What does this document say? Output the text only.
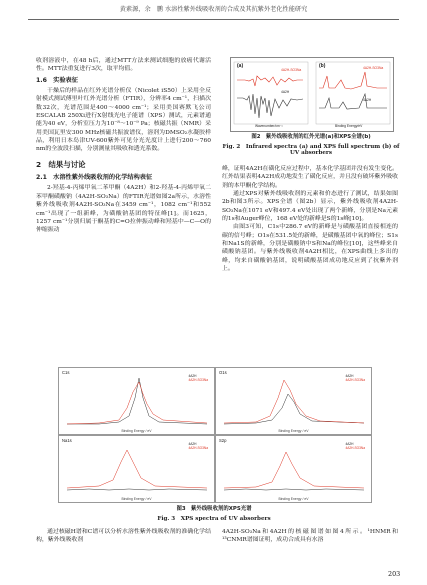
黄素源，余　鹏 水溶性紫外线吸收剂的合成及其抗紫外老化性能研究

收剂溶液中，在48 h后，通过MTT方法来测试细胞的放癌代谢活性。MTT法重复进行3次，取平均值。

1.6　实验表征

干燥后的样品在红外光谱分析仪（Nicolet iS50）上采用全反射模式测试傅里叶红外光谱分析（FTIR），分辨率4 cm⁻¹，扫描次数32次，光谱范围是400～4000 cm⁻¹；采用美国赛默飞公司ESCALAB 250Xi进行X射线光电子能谱（XPS）测试，元素谱通能为40 eV，分析室压力为10⁻⁸～10⁻⁹ Pa；核磁共振（NMR）采用美国瓦里安300 MHz核磁共振波谱仪，溶剂为DMSO₂水凝胶样品，利用日本岛津UV-600紫外可见分光光度计上进行200～760 nm的全波段扫描，分别测量其吸收和透光系数。

2　结果与讨论

2.1　水溶性紫外线吸收剂的化学结构表征

2-羟基-4-丙烯甲氧二苯甲酮（4A2H）和2-羟基-4-丙烯甲氧二苯甲酮磺酸钠（4A2H-SO₃Na）的FTIR光谱如图2a所示，水溶性紫外线吸收剂4A2H-SO₃Na在3459 cm⁻¹，1082 cm⁻¹和552 cm⁻¹出现了一组新峰，为磺酸钠基团的特征峰[1]。而1625，1257 cm⁻¹分别归属于酮基的C=O拉伸振动峰和羟基中—C—O的伸缩振动

(a)	(b)
4A2H-SO3Na
4A2H
4A2H-SO3Na
4A2H
Wavenumber/cm⁻¹	Binding Energy/eV
图2　紫外线吸收剂的红外光谱(a)和XPS全谱(b)
Fig. 2　Infrared spectra (a) and XPS full spectrum (b) of
UV absorbers

峰，证明4A2H在磺化反应过程中，基本化学基团并没有发生变化。红外结果表明4A2H成功地发生了磺化反应，并且没有破坏紫外吸收剂的本甲酮化学结构。

通过XPS对紫外线吸收剂的元素和价态进行了测试，结果如图2b和图3所示。XPS全谱（图2b）显示，紫外线吸收剂4A2H-SO₃Na在1071 eV和497.4 eV处出现了两个新峰，分别是Na元素的1s和Auger峰位，168 eV处的新峰是S的1s峰[10]。

由图3可知，C1s中286.7 eV的新峰是与磺酸基团直接相连的碳的信号峰；O1s在531.5处的新峰，是磺酸基团中氧的峰位；S1s和Na1S的新峰，分别是磺酸钠中S和Na的峰位[10]，这些峰来自磺酸钠基团。与紫外线吸收剂4A2H相比，在XPS曲线上多出的峰，均来自磺酸钠基团，说明磺酸基团成功地反应到了抗紫外剂上。

C1s
4A2H
4A2H-SO3Na
Binding Energy / eV
O1s
4A2H
4A2H-SO3Na
Binding Energy / eV
Na1s
4A2H
4A2H-SO3Na
Binding Energy / eV
S2p
4A2H
4A2H-SO3Na
Binding Energy / eV
图3　紫外线吸收剂的XPS光谱
Fig. 3　XPS spectra of UV absorbers

通过核磁H谱和C谱可以分析水溶性紫外线吸收剂的准确化学结构，紫外线吸收剂

4A2H-SO₃Na和4A2H的核磁图谱如图4所示。¹HNMR和¹³CNMR谱图证明，成功合成具有水溶

203
